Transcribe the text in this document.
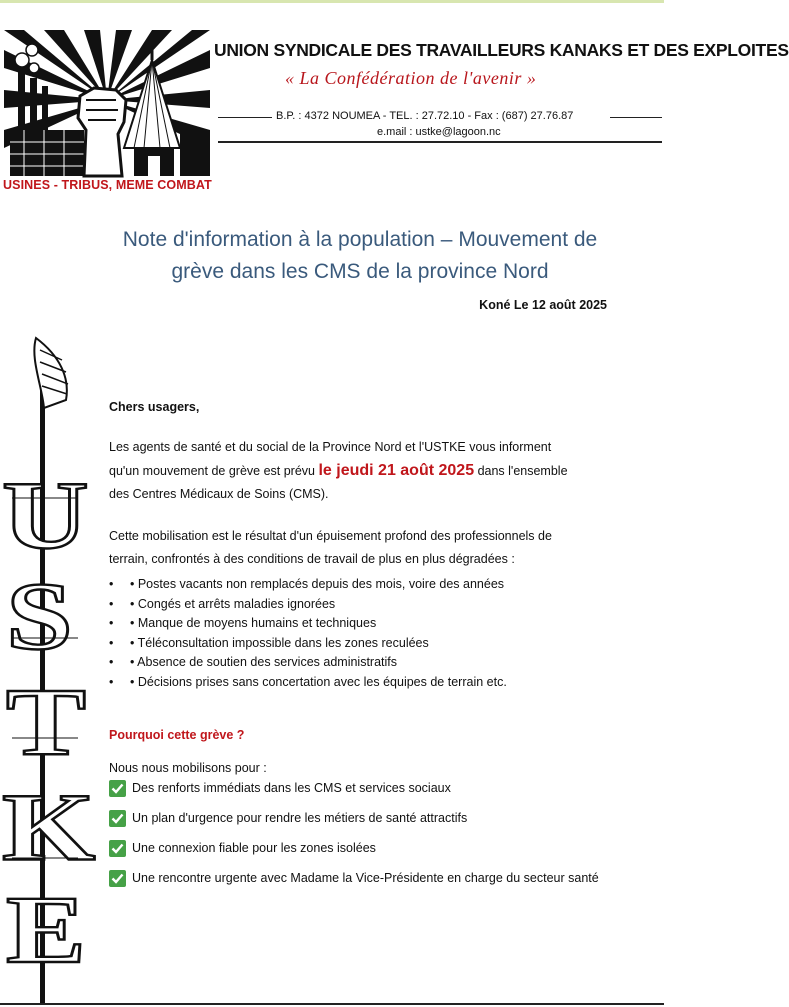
USINES - TRIBUS, MEME COMBAT
UNION SYNDICALE DES TRAVAILLEURS KANAKS ET DES EXPLOITES
« La Confédération de l'avenir »
B.P. : 4372 NOUMEA - TEL. : 27.72.10 - Fax : (687) 27.76.87
e.mail : ustke@lagoon.nc
Note d'information à la population – Mouvement de
grève dans les CMS de la province Nord
Koné Le 12 août 2025
U
S
T
K
E
Chers usagers,
Les agents de santé et du social de la Province Nord et l'USTKE vous informent
qu'un mouvement de grève est prévu le jeudi 21 août 2025 dans l'ensemble
des Centres Médicaux de Soins (CMS).
Cette mobilisation est le résultat d'un épuisement profond des professionnels de
terrain, confrontés à des conditions de travail de plus en plus dégradées :
• • Postes vacants non remplacés depuis des mois, voire des années
• • Congés et arrêts maladies ignorées
• • Manque de moyens humains et techniques
• • Téléconsultation impossible dans les zones reculées
• • Absence de soutien des services administratifs
• • Décisions prises sans concertation avec les équipes de terrain etc.
Pourquoi cette grève ?
Nous nous mobilisons pour :
Des renforts immédiats dans les CMS et services sociaux
Un plan d'urgence pour rendre les métiers de santé attractifs
Une connexion fiable pour les zones isolées
Une rencontre urgente avec Madame la Vice-Présidente en charge du secteur santé
